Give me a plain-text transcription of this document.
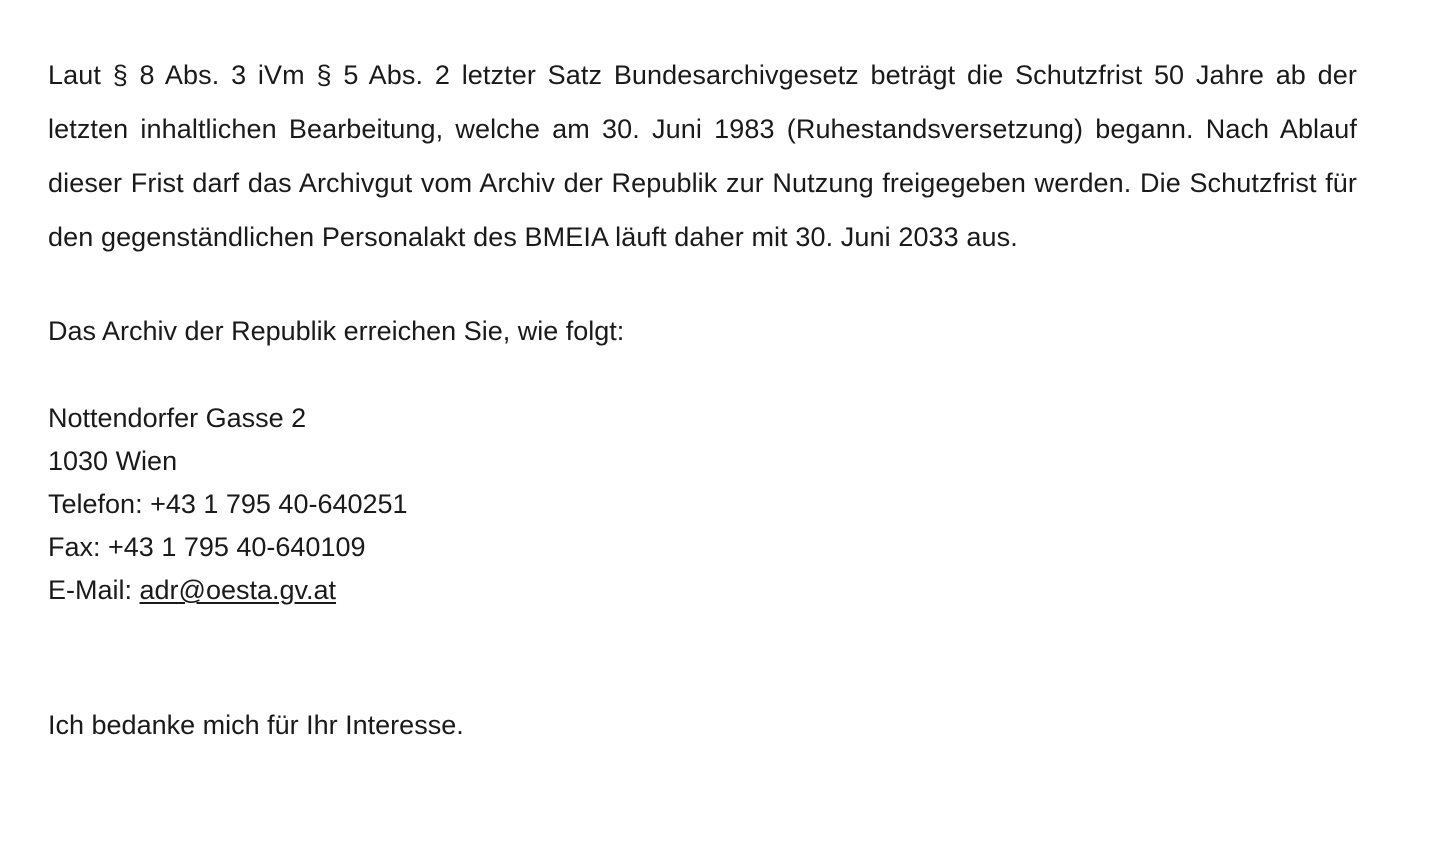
Laut § 8 Abs. 3 iVm § 5 Abs. 2 letzter Satz Bundesarchivgesetz beträgt die Schutzfrist 50 Jahre ab der letzten inhaltlichen Bearbeitung, welche am 30. Juni 1983 (Ruhestandsversetzung) begann. Nach Ablauf dieser Frist darf das Archivgut vom Archiv der Republik zur Nutzung freigegeben werden. Die Schutzfrist für den gegenständlichen Personalakt des BMEIA läuft daher mit 30. Juni 2033 aus.

Das Archiv der Republik erreichen Sie, wie folgt:

Nottendorfer Gasse 2

1030 Wien

Telefon: +43 1 795 40-640251

Fax: +43 1 795 40-640109

E-Mail: adr@oesta.gv.at

Ich bedanke mich für Ihr Interesse.
